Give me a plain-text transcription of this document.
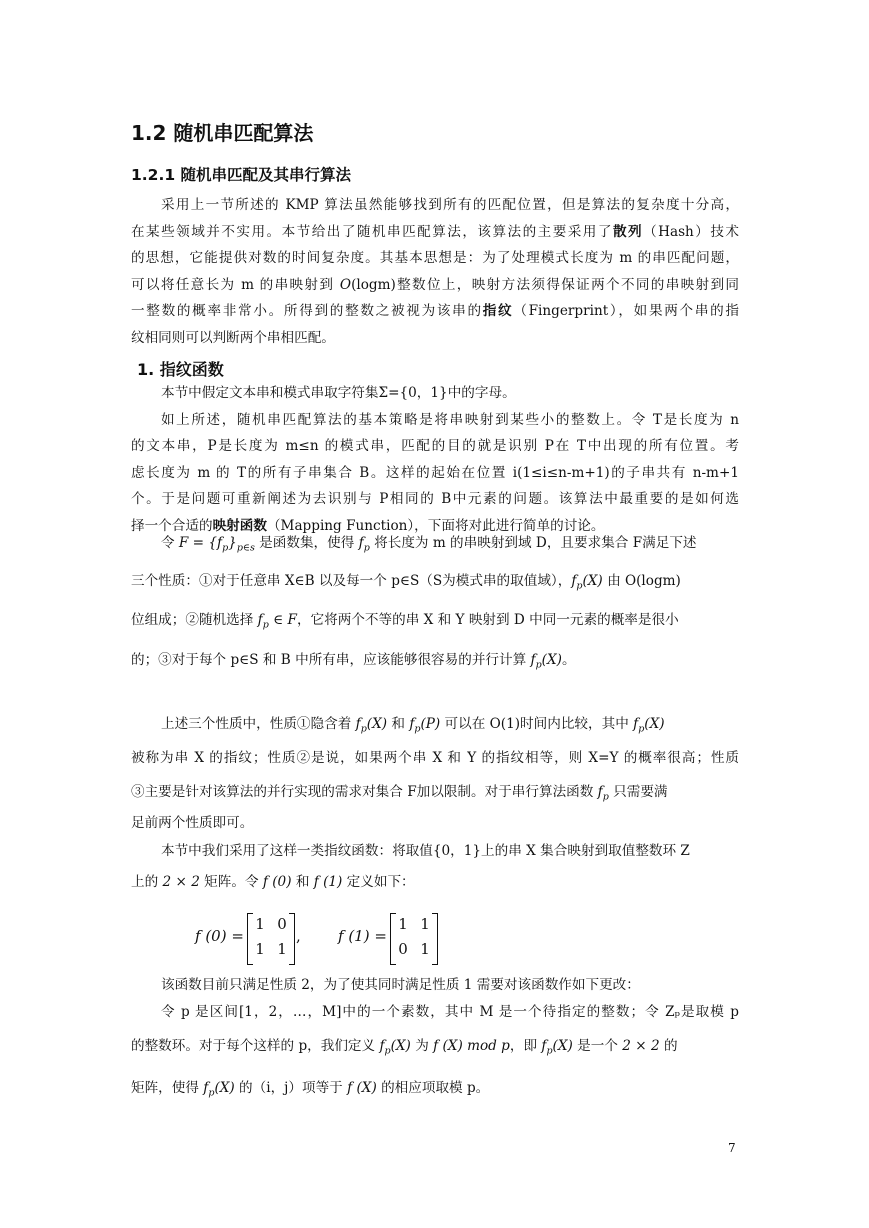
1.2 随机串匹配算法
1.2.1 随机串匹配及其串行算法
采用上一节所述的 KMP 算法虽然能够找到所有的匹配位置，但是算法的复杂度十分高，
在某些领域并不实用。本节给出了随机串匹配算法，该算法的主要采用了散列（Hash）技术
的思想，它能提供对数的时间复杂度。其基本思想是：为了处理模式长度为 m 的串匹配问题，
可以将任意长为 m 的串映射到 O(logm)整数位上，映射方法须得保证两个不同的串映射到同
一整数的概率非常小。所得到的整数之被视为该串的指纹（Fingerprint），如果两个串的指
纹相同则可以判断两个串相匹配。
1. 指纹函数
本节中假定文本串和模式串取字符集Σ={0，1}中的字母。
如上所述，随机串匹配算法的基本策略是将串映射到某些小的整数上。令 T是长度为 n
的文本串，P是长度为 m≤n 的模式串，匹配的目的就是识别 P在 T中出现的所有位置。考
虑长度为 m 的 T的所有子串集合 B。这样的起始在位置 i(1≤i≤n-m+1)的子串共有 n-m+1
个。于是问题可重新阐述为去识别与 P相同的 B中元素的问题。该算法中最重要的是如何选
择一个合适的映射函数（Mapping Function），下面将对此进行简单的讨论。
令 $F = \{f_p\}_{p\in s}$ 是函数集，使得 $f_p$ 将长度为 m 的串映射到域 D，且要求集合 F满足下述
三个性质：①对于任意串 X∈B 以及每一个 p∈S（S为模式串的取值域），$f_p(X)$ 由 O(logm)
位组成；②随机选择 $f_p$ ∈ F，它将两个不等的串 X 和 Y 映射到 D 中同一元素的概率是很小
的；③对于每个 p∈S 和 B 中所有串，应该能够很容易的并行计算 $f_p(X)$。
上述三个性质中，性质①隐含着 $f_p(X)$ 和 $f_p(P)$ 可以在 O(1)时间内比较，其中 $f_p(X)$
被称为串 X 的指纹；性质②是说，如果两个串 X 和 Y 的指纹相等，则 X=Y 的概率很高；性质
③主要是针对该算法的并行实现的需求对集合 F加以限制。对于串行算法函数 $f_p$ 只需要满
足前两个性质即可。
本节中我们采用了这样一类指纹函数：将取值{0，1}上的串 X 集合映射到取值整数环 Z
上的 2 × 2 矩阵。令 f (0) 和 f (1) 定义如下：
f (0) =
1 0
1 1
, f (1) =
1 1
0 1
该函数目前只满足性质 2，为了使其同时满足性质 1 需要对该函数作如下更改：
令 p 是区间[1，2，…，M]中的一个素数，其中 M 是一个待指定的整数；令 Zₚ是取模 p
的整数环。对于每个这样的 p，我们定义 $f_p(X)$ 为 f (X) mod p，即 $f_p(X)$ 是一个 2 × 2 的
矩阵，使得 $f_p(X)$ 的（i，j）项等于 f (X) 的相应项取模 p。
7
